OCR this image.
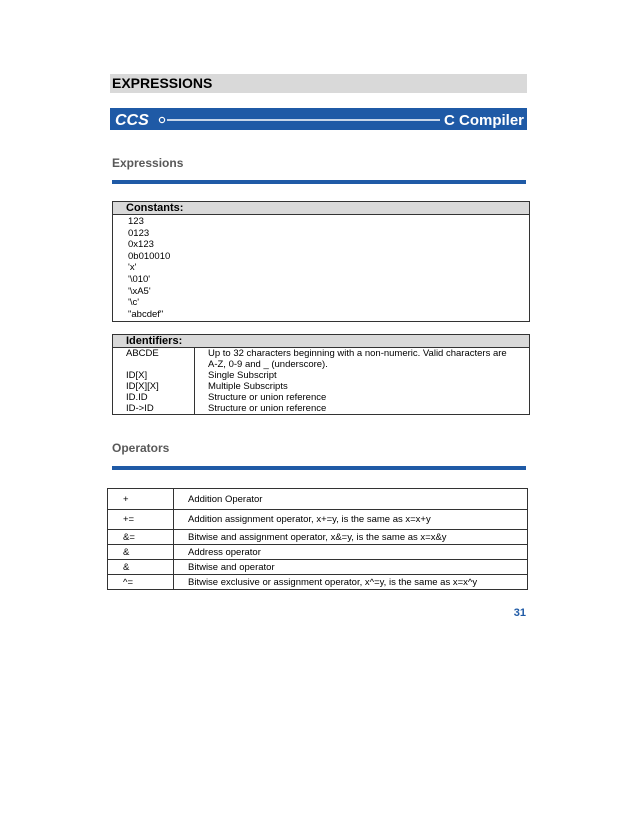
EXPRESSIONS
CCS	C Compiler
Expressions
Constants:
123
0123
0x123
0b010010
'x'
'\010'
'\xA5'
'\c'
"abcdef"
Identifiers:
ABCDE	Up to 32 characters beginning with a non-numeric. Valid characters are A-Z, 0-9 and _ (underscore).
ID[X]	Single Subscript
ID[X][X]	Multiple Subscripts
ID.ID	Structure or union reference
ID->ID	Structure or union reference
Operators
+	Addition Operator
+=	Addition assignment operator, x+=y, is the same as x=x+y
&=	Bitwise and assignment operator, x&=y, is the same as x=x&y
&	Address operator
&	Bitwise and operator
^=	Bitwise exclusive or assignment operator, x^=y, is the same as x=x^y
31
